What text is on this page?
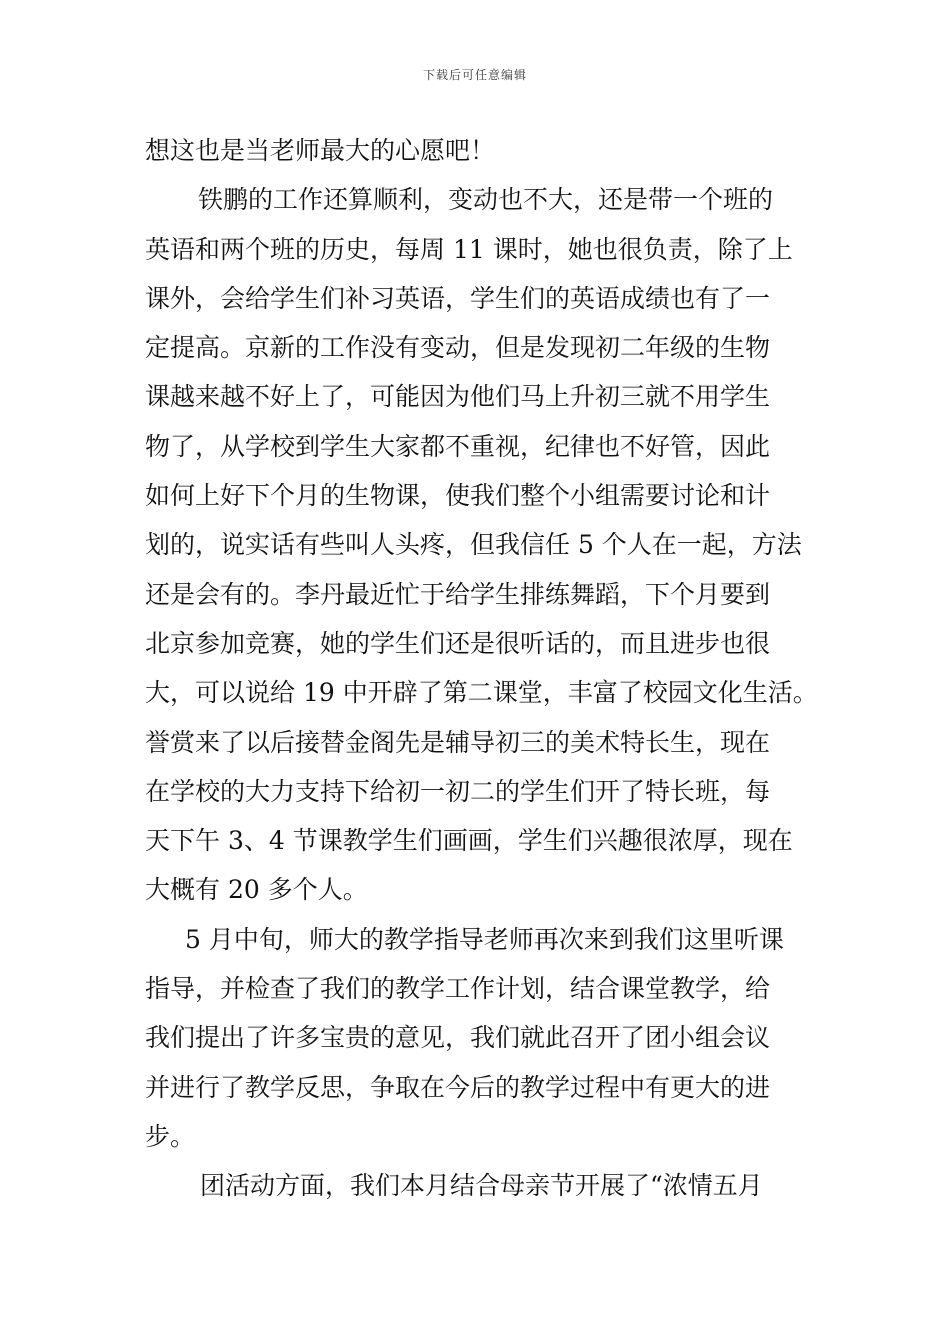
下载后可任意编辑
想这也是当老师最大的心愿吧！
铁鹏的工作还算顺利，变动也不大，还是带一个班的
英语和两个班的历史，每周 11 课时，她也很负责，除了上
课外，会给学生们补习英语，学生们的英语成绩也有了一
定提高。京新的工作没有变动，但是发现初二年级的生物
课越来越不好上了，可能因为他们马上升初三就不用学生
物了，从学校到学生大家都不重视，纪律也不好管，因此
如何上好下个月的生物课，使我们整个小组需要讨论和计
划的，说实话有些叫人头疼，但我信任 5 个人在一起，方法
还是会有的。李丹最近忙于给学生排练舞蹈，下个月要到
北京参加竞赛，她的学生们还是很听话的，而且进步也很
大，可以说给 19 中开辟了第二课堂，丰富了校园文化生活。
誉赏来了以后接替金阁先是辅导初三的美术特长生，现在
在学校的大力支持下给初一初二的学生们开了特长班，每
天下午 3、4 节课教学生们画画，学生们兴趣很浓厚，现在
大概有 20 多个人。
5 月中旬，师大的教学指导老师再次来到我们这里听课
指导，并检查了我们的教学工作计划，结合课堂教学，给
我们提出了许多宝贵的意见，我们就此召开了团小组会议
并进行了教学反思，争取在今后的教学过程中有更大的进
步。
团活动方面，我们本月结合母亲节开展了“浓情五月
